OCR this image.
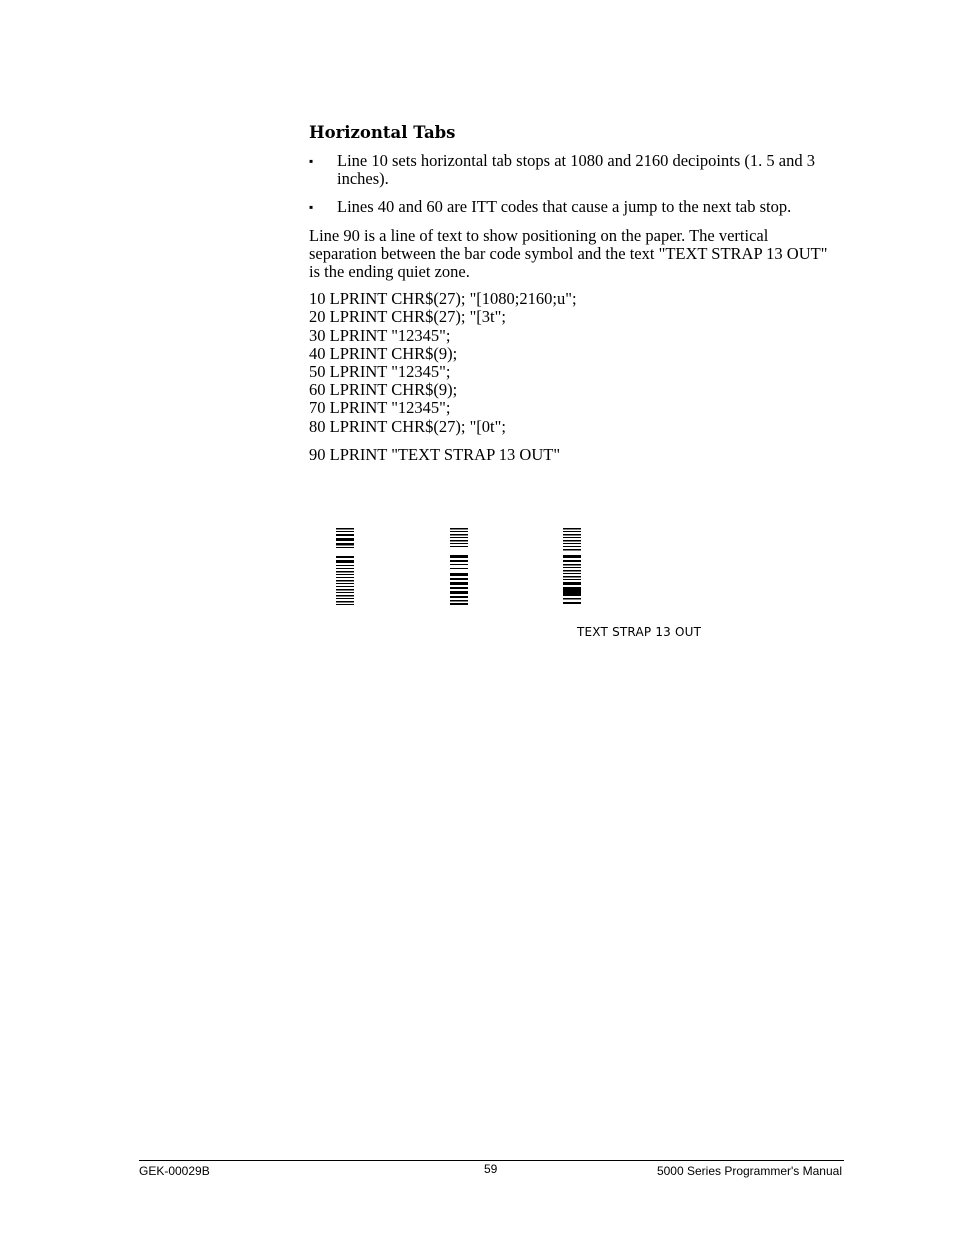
Horizontal Tabs
▪ Line 10 sets horizontal tab stops at 1080 and 2160 decipoints (1. 5 and 3 inches).
▪ Lines 40 and 60 are ITT codes that cause a jump to the next tab stop.

Line 90 is a line of text to show positioning on the paper. The vertical separation between the bar code symbol and the text "TEXT STRAP 13 OUT" is the ending quiet zone.

10 LPRINT CHR$(27); "[1080;2160;u";
20 LPRINT CHR$(27); "[3t";
30 LPRINT "12345";
40 LPRINT CHR$(9);
50 LPRINT "12345";
60 LPRINT CHR$(9);
70 LPRINT "12345";
80 LPRINT CHR$(27); "[0t";
90 LPRINT "TEXT STRAP 13 OUT"
TEXT STRAP 13 OUT
GEK-00029B	59	5000 Series Programmer's Manual
